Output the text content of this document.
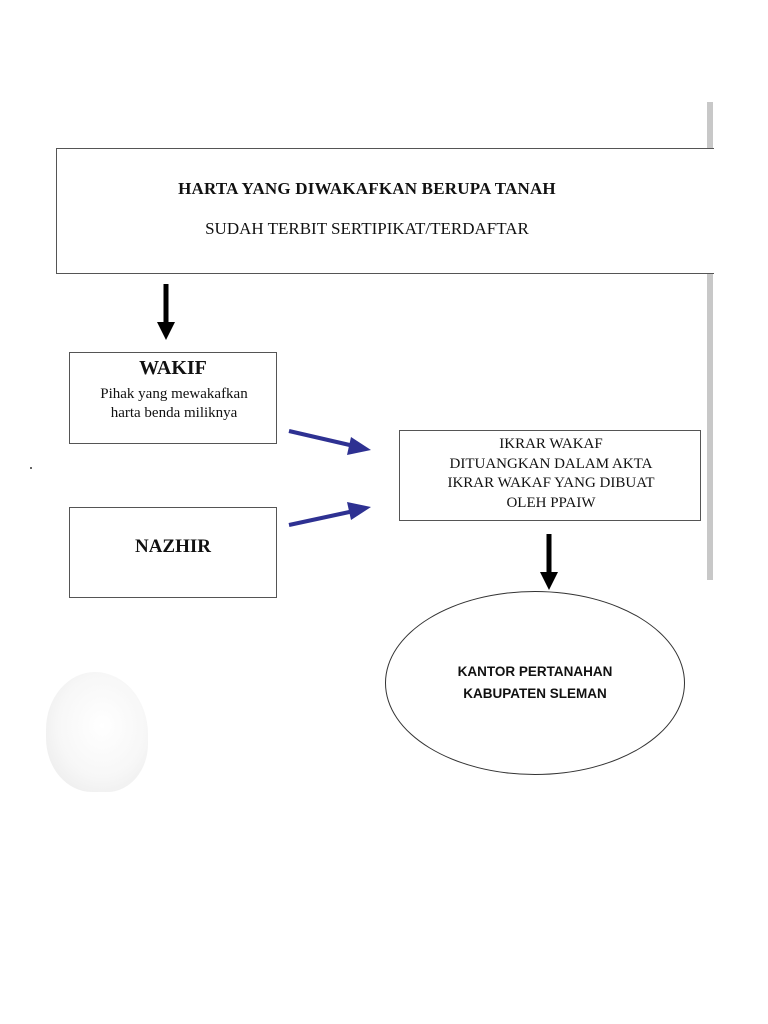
HARTA YANG DIWAKAFKAN BERUPA TANAH
SUDAH TERBIT SERTIPIKAT/TERDAFTAR
WAKIF
Pihak yang mewakafkan
harta benda miliknya
NAZHIR
IKRAR WAKAF
DITUANGKAN DALAM AKTA
IKRAR WAKAF YANG DIBUAT
OLEH PPAIW
KANTOR PERTANAHAN
KABUPATEN SLEMAN
